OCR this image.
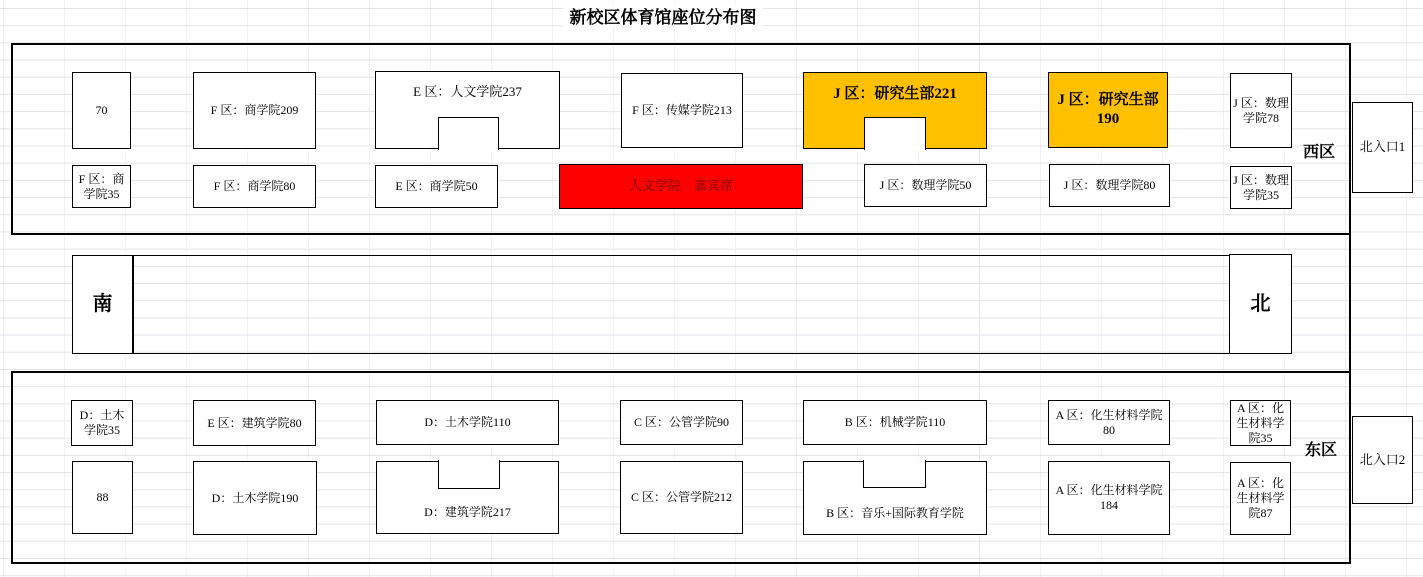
新校区体育馆座位分布图
70	F 区：商学院209
E 区：人文学院237
F 区：传媒学院213
J 区：研究生部221	J 区：研究生部190
J 区：数理学院78
F 区：商学院35
F 区：商学院80	E 区：商学院50	人文学院　嘉宾席	J 区：数理学院50	J 区：数理学院80	J 区：数理学院35
西区	北入口1
南	北
D：土木学院35
E 区：建筑学院80	D：土木学院110	C 区：公管学院90	B 区：机械学院110
A 区：化生材料学院80
A 区：化生材料学院35
88	D：土木学院190
D：建筑学院217
C 区：公管学院212
B 区：音乐+国际教育学院
A 区：化生材料学院184
A 区：化生材料学院87
东区
北入口2
